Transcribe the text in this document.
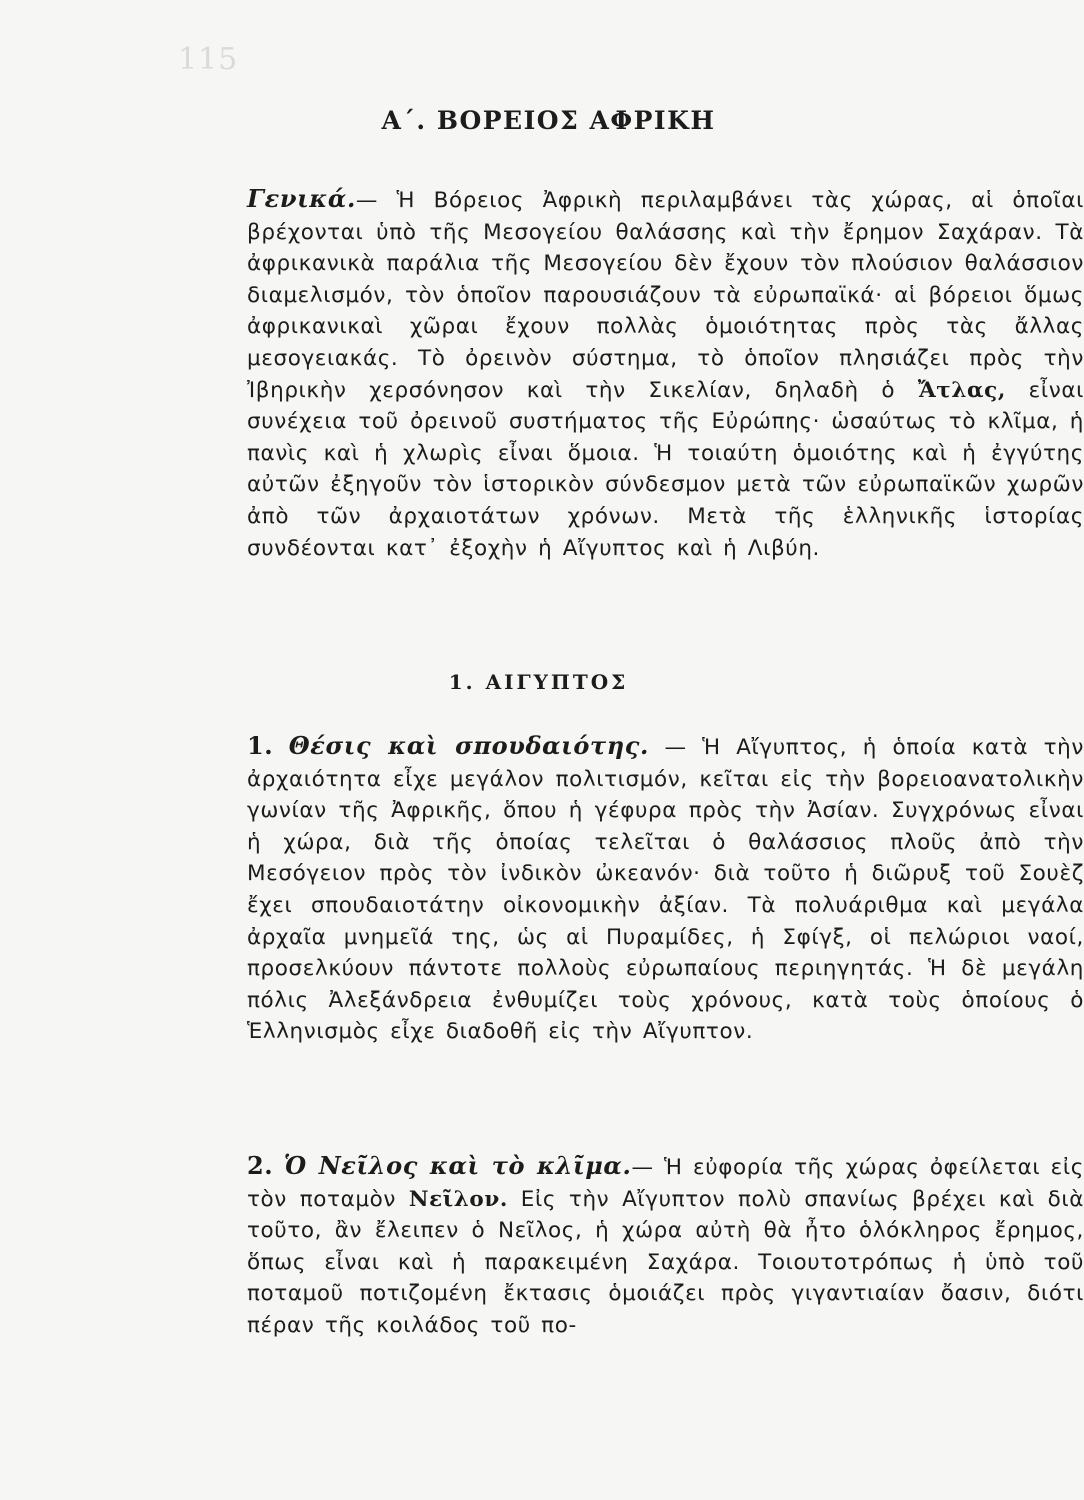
115
Α΄. ΒΟΡΕΙΟΣ ΑΦΡΙΚΗ

Γενικά.— Ἡ Βόρειος Ἀφρικὴ περιλαμβάνει τὰς χώρας, αἱ ὁποῖαι βρέχονται ὑπὸ τῆς Μεσογείου θαλάσσης καὶ τὴν ἔρημον Σαχάραν. Τὰ ἀφρικανικὰ παράλια τῆς Μεσογείου δὲν ἔχουν τὸν πλούσιον θαλάσσιον διαμελισμόν, τὸν ὁποῖον παρουσιάζουν τὰ εὐρωπαϊκά· αἱ βόρειοι ὅμως ἀφρικανικαὶ χῶραι ἔχουν πολλὰς ὁμοιότητας πρὸς τὰς ἄλλας μεσογειακάς. Τὸ ὀρεινὸν σύστημα, τὸ ὁποῖον πλησιάζει πρὸς τὴν Ἰβηρικὴν χερσόνησον καὶ τὴν Σικελίαν, δηλαδὴ ὁ Ἄτλας, εἶναι συνέχεια τοῦ ὀρεινοῦ συστήματος τῆς Εὐρώπης· ὡσαύτως τὸ κλῖμα, ἡ πανὶς καὶ ἡ χλωρὶς εἶναι ὅμοια. Ἡ τοιαύτη ὁμοιότης καὶ ἡ ἐγγύτης αὐτῶν ἐξηγοῦν τὸν ἱστορικὸν σύνδεσμον μετὰ τῶν εὐρωπαϊκῶν χωρῶν ἀπὸ τῶν ἀρχαιοτάτων χρόνων. Μετὰ τῆς ἑλληνικῆς ἱστορίας συνδέονται κατ᾽ ἐξοχὴν ἡ Αἴγυπτος καὶ ἡ Λιβύη.

1. ΑΙΓΥΠΤΟΣ

1. Θέσις καὶ σπουδαιότης. — Ἡ Αἴγυπτος, ἡ ὁποία κατὰ τὴν ἀρχαιότητα εἶχε μεγάλον πολιτισμόν, κεῖται εἰς τὴν βορειοανατολικὴν γωνίαν τῆς Ἀφρικῆς, ὅπου ἡ γέφυρα πρὸς τὴν Ἀσίαν. Συγχρόνως εἶναι ἡ χώρα, διὰ τῆς ὁποίας τελεῖται ὁ θαλάσσιος πλοῦς ἀπὸ τὴν Μεσόγειον πρὸς τὸν ἰνδικὸν ὠκεανόν· διὰ τοῦτο ἡ διῶρυξ τοῦ Σουὲζ ἔχει σπουδαιοτάτην οἰκονομικὴν ἀξίαν. Τὰ πολυάριθμα καὶ μεγάλα ἀρχαῖα μνημεῖά της, ὡς αἱ Πυραμίδες, ἡ Σφίγξ, οἱ πελώριοι ναοί, προσελκύουν πάντοτε πολλοὺς εὐρωπαίους περιηγητάς. Ἡ δὲ μεγάλη πόλις Ἀλεξάνδρεια ἐνθυμίζει τοὺς χρόνους, κατὰ τοὺς ὁποίους ὁ Ἑλληνισμὸς εἶχε διαδοθῆ εἰς τὴν Αἴγυπτον.

2. Ὁ Νεῖλος καὶ τὸ κλῖμα.— Ἡ εὐφορία τῆς χώρας ὀφείλεται εἰς τὸν ποταμὸν Νεῖλον. Εἰς τὴν Αἴγυπτον πολὺ σπανίως βρέχει καὶ διὰ τοῦτο, ἂν ἔλειπεν ὁ Νεῖλος, ἡ χώρα αὐτὴ θὰ ἦτο ὁλόκληρος ἔρημος, ὅπως εἶναι καὶ ἡ παρακειμένη Σαχάρα. Τοιουτοτρόπως ἡ ὑπὸ τοῦ ποταμοῦ ποτιζομένη ἔκτασις ὁμοιάζει πρὸς γιγαντιαίαν ὄασιν, διότι πέραν τῆς κοιλάδος τοῦ πο-
